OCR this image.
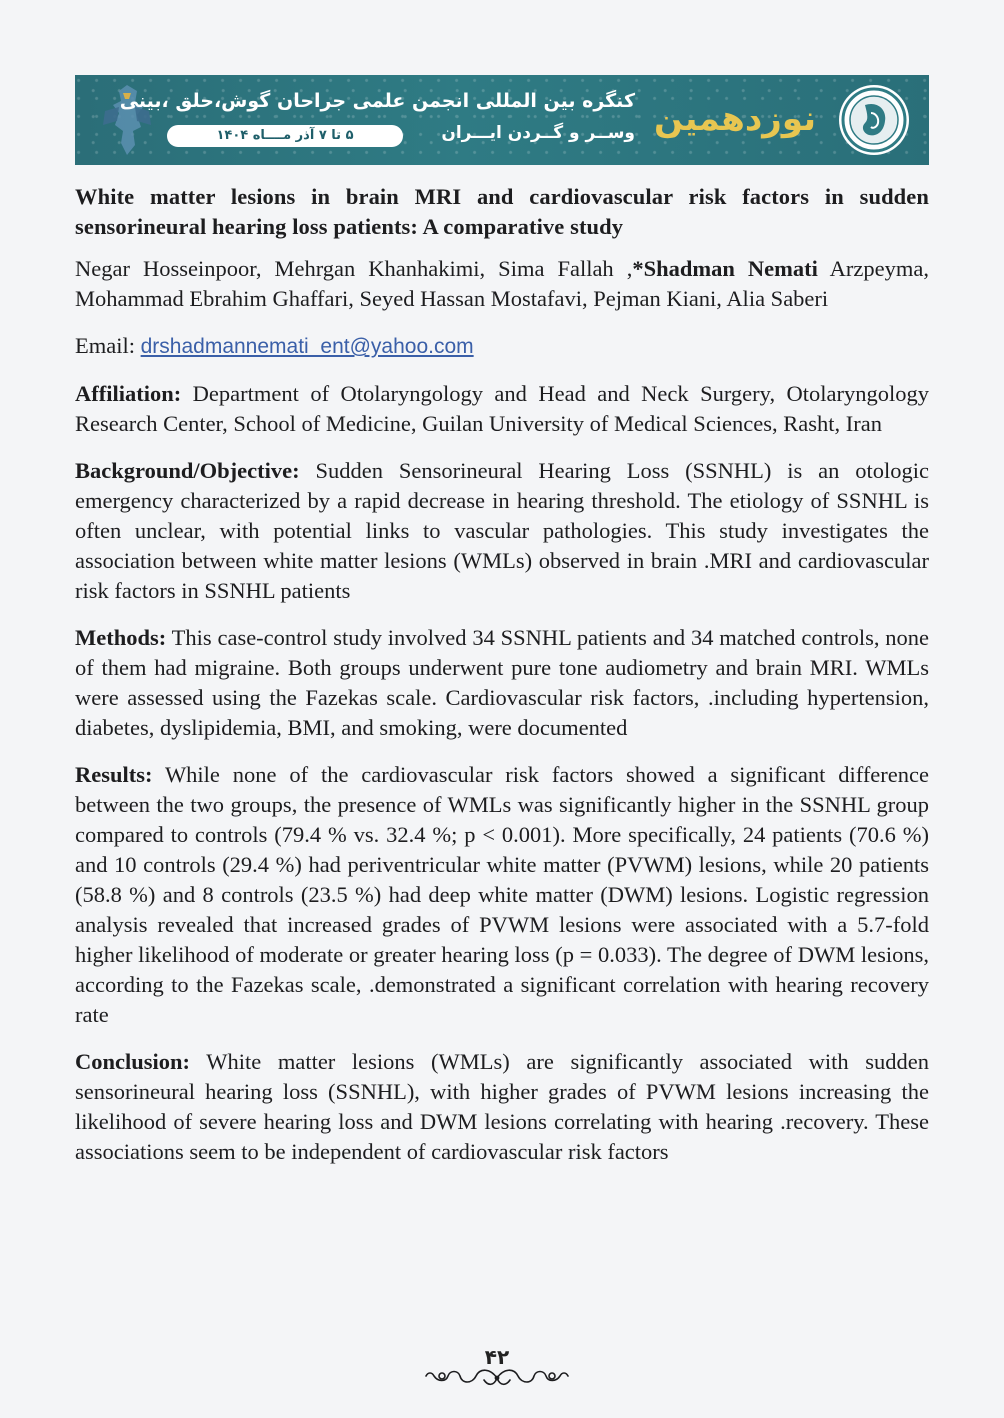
کنگره بین المللی انجمن علمی جراحان گوش،حلق ،بینی
۵ تا ۷ آذر مــــاه ۱۴۰۴	وســر و گــردن ایـــران نوزدهمین
White matter lesions in brain MRI and cardiovascular risk factors in sudden sensorineural hearing loss patients: A comparative study

Negar Hosseinpoor, Mehrgan Khanhakimi, Sima Fallah ,*Shadman Nemati Arzpeyma, Mohammad Ebrahim Ghaffari, Seyed Hassan Mostafavi, Pejman Kiani, Alia Saberi

Email: drshadmannemati_ent@yahoo.com

Affiliation: Department of Otolaryngology and Head and Neck Surgery, Otolaryngology Research Center, School of Medicine, Guilan University of Medical Sciences, Rasht, Iran

Background/Objective: Sudden Sensorineural Hearing Loss (SSNHL) is an otologic emergency characterized by a rapid decrease in hearing threshold. The etiology of SSNHL is often unclear, with potential links to vascular pathologies. This study investigates the association between white matter lesions (WMLs) observed in brain .MRI and cardiovascular risk factors in SSNHL patients

Methods: This case-control study involved 34 SSNHL patients and 34 matched controls, none of them had migraine. Both groups underwent pure tone audiometry and brain MRI. WMLs were assessed using the Fazekas scale. Cardiovascular risk factors, .including hypertension, diabetes, dyslipidemia, BMI, and smoking, were documented

Results: While none of the cardiovascular risk factors showed a significant difference between the two groups, the presence of WMLs was significantly higher in the SSNHL group compared to controls (79.4 % vs. 32.4 %; p < 0.001). More specifically, 24 patients (70.6 %) and 10 controls (29.4 %) had periventricular white matter (PVWM) lesions, while 20 patients (58.8 %) and 8 controls (23.5 %) had deep white matter (DWM) lesions. Logistic regression analysis revealed that increased grades of PVWM lesions were associated with a 5.7-fold higher likelihood of moderate or greater hearing loss (p = 0.033). The degree of DWM lesions, according to the Fazekas scale, .demonstrated a significant correlation with hearing recovery rate

Conclusion: White matter lesions (WMLs) are significantly associated with sudden sensorineural hearing loss (SSNHL), with higher grades of PVWM lesions increasing the likelihood of severe hearing loss and DWM lesions correlating with hearing .recovery. These associations seem to be independent of cardiovascular risk factors

۴۲
